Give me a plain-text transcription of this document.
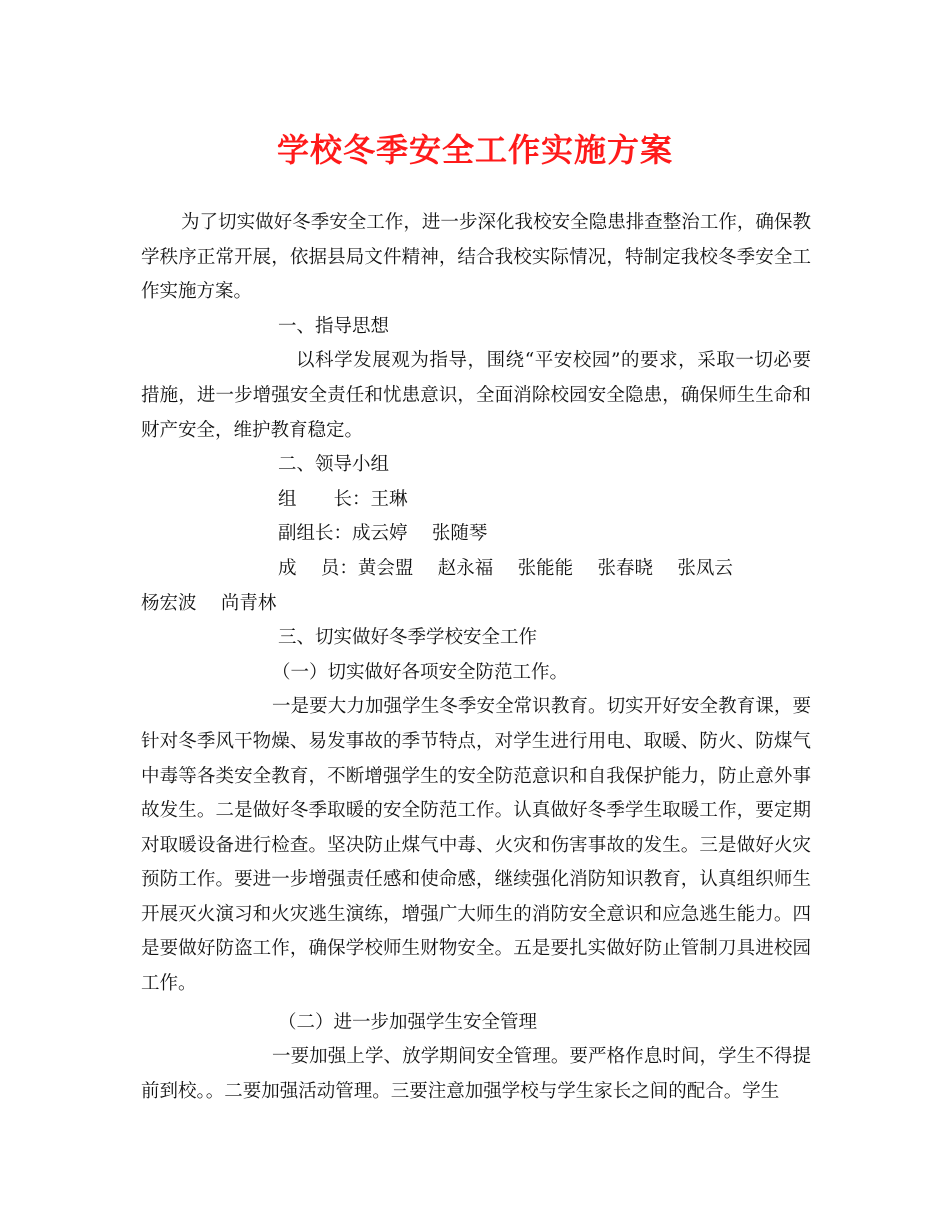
学校冬季安全工作实施方案

为了切实做好冬季安全工作，进一步深化我校安全隐患排查整治工作，确保教学秩序正常开展，依据县局文件精神，结合我校实际情况，特制定我校冬季安全工作实施方案。

一、指导思想

以科学发展观为指导，围绕“平安校园”的要求，采取一切必要措施，进一步增强安全责任和忧患意识，全面消除校园安全隐患，确保师生生命和财产安全，维护教育稳定。

二、领导小组

组　　长：王琳

副组长：成云婷　 张随琴

成　 员：黄会盟　 赵永福　 张能能　 张春晓　 张凤云

杨宏波　 尚青林

三、切实做好冬季学校安全工作

（一）切实做好各项安全防范工作。

一是要大力加强学生冬季安全常识教育。切实开好安全教育课，要针对冬季风干物燥、易发事故的季节特点，对学生进行用电、取暖、防火、防煤气中毒等各类安全教育，不断增强学生的安全防范意识和自我保护能力，防止意外事故发生。二是做好冬季取暖的安全防范工作。认真做好冬季学生取暖工作，要定期对取暖设备进行检查。坚决防止煤气中毒、火灾和伤害事故的发生。三是做好火灾预防工作。要进一步增强责任感和使命感，继续强化消防知识教育，认真组织师生开展灭火演习和火灾逃生演练，增强广大师生的消防安全意识和应急逃生能力。四是要做好防盗工作，确保学校师生财物安全。五是要扎实做好防止管制刀具进校园工作。

（二）进一步加强学生安全管理

一要加强上学、放学期间安全管理。要严格作息时间，学生不得提前到校。。二要加强活动管理。三要注意加强学校与学生家长之间的配合。学生
